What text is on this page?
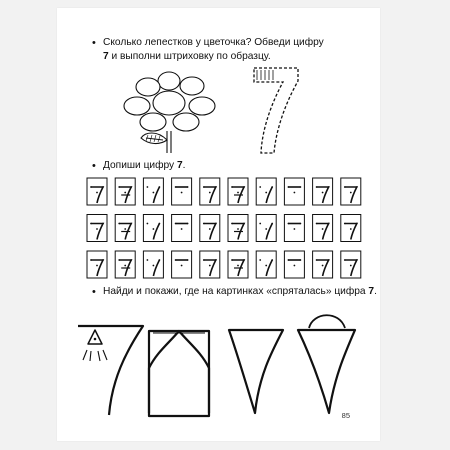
• Сколько лепестков у цветочка? Обведи цифру
7 и выполни штриховку по образцу.
• Допиши цифру 7.
• Найди и покажи, где на картинках «спряталась» цифра 7.
85
